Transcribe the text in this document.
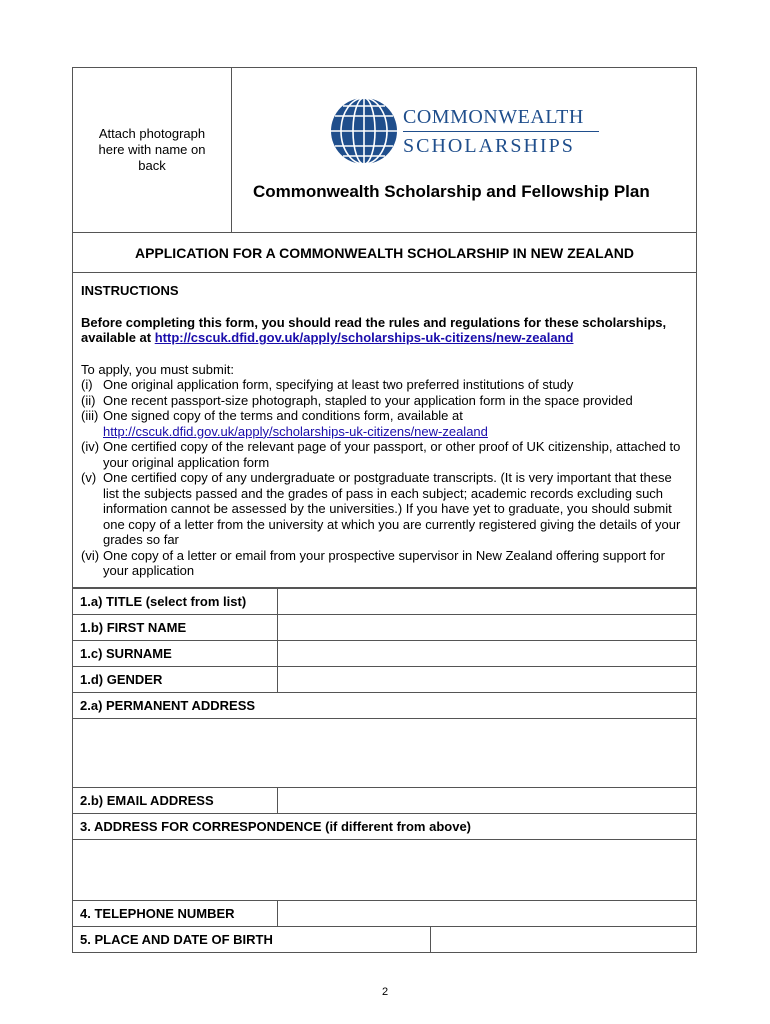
Attach photograph here with name on back
COMMONWEALTH
SCHOLARSHIPS
Commonwealth Scholarship and Fellowship Plan
APPLICATION FOR A COMMONWEALTH SCHOLARSHIP IN NEW ZEALAND
INSTRUCTIONS
Before completing this form, you should read the rules and regulations for these scholarships, available at http://cscuk.dfid.gov.uk/apply/scholarships-uk-citizens/new-zealand
To apply, you must submit:
(i) One original application form, specifying at least two preferred institutions of study
(ii) One recent passport-size photograph, stapled to your application form in the space provided
(iii) One signed copy of the terms and conditions form, available at
http://cscuk.dfid.gov.uk/apply/scholarships-uk-citizens/new-zealand
(iv) One certified copy of the relevant page of your passport, or other proof of UK citizenship, attached to your original application form
(v) One certified copy of any undergraduate or postgraduate transcripts. (It is very important that these list the subjects passed and the grades of pass in each subject; academic records excluding such information cannot be assessed by the universities.) If you have yet to graduate, you should submit one copy of a letter from the university at which you are currently registered giving the details of your grades so far
(vi) One copy of a letter or email from your prospective supervisor in New Zealand offering support for your application
1.a) TITLE (select from list)	
1.b) FIRST NAME	
1.c) SURNAME	
1.d) GENDER	
2.a) PERMANENT ADDRESS	

2.b) EMAIL ADDRESS	
3. ADDRESS FOR CORRESPONDENCE (if different from above)	

4. TELEPHONE NUMBER	
5. PLACE AND DATE OF BIRTH	
2
